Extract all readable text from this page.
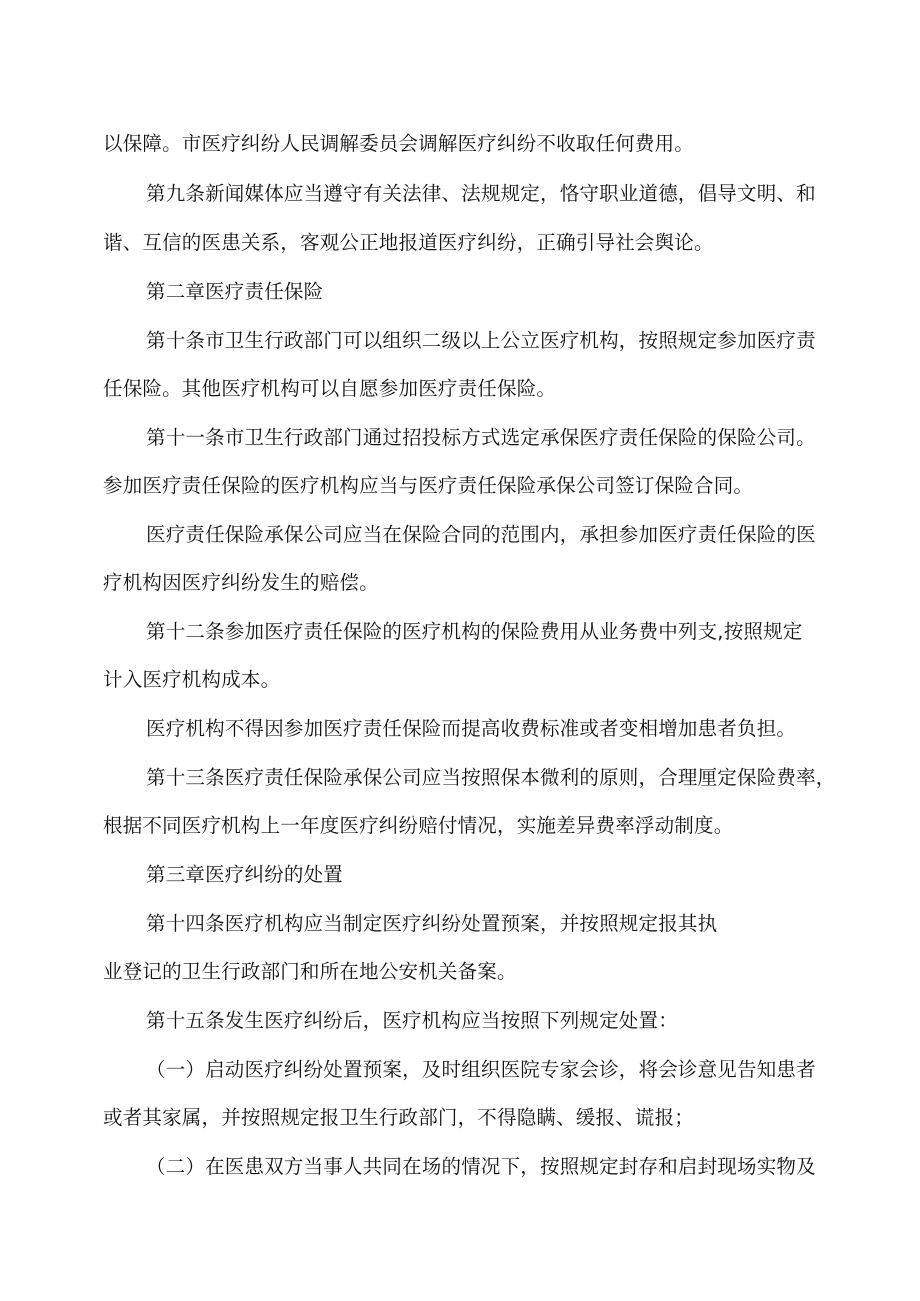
以保障。市医疗纠纷人民调解委员会调解医疗纠纷不收取任何费用。
第九条新闻媒体应当遵守有关法律、法规规定，恪守职业道德，倡导文明、和
谐、互信的医患关系，客观公正地报道医疗纠纷，正确引导社会舆论。
第二章医疗责任保险
第十条市卫生行政部门可以组织二级以上公立医疗机构，按照规定参加医疗责
任保险。其他医疗机构可以自愿参加医疗责任保险。
第十一条市卫生行政部门通过招投标方式选定承保医疗责任保险的保险公司。
参加医疗责任保险的医疗机构应当与医疗责任保险承保公司签订保险合同。
医疗责任保险承保公司应当在保险合同的范围内，承担参加医疗责任保险的医
疗机构因医疗纠纷发生的赔偿。
第十二条参加医疗责任保险的医疗机构的保险费用从业务费中列支,按照规定
计入医疗机构成本。
医疗机构不得因参加医疗责任保险而提高收费标准或者变相增加患者负担。
第十三条医疗责任保险承保公司应当按照保本微利的原则，合理厘定保险费率，
根据不同医疗机构上一年度医疗纠纷赔付情况，实施差异费率浮动制度。
第三章医疗纠纷的处置
第十四条医疗机构应当制定医疗纠纷处置预案，并按照规定报其执
业登记的卫生行政部门和所在地公安机关备案。
第十五条发生医疗纠纷后，医疗机构应当按照下列规定处置：
（一）启动医疗纠纷处置预案，及时组织医院专家会诊，将会诊意见告知患者
或者其家属，并按照规定报卫生行政部门，不得隐瞒、缓报、谎报；
（二）在医患双方当事人共同在场的情况下，按照规定封存和启封现场实物及
